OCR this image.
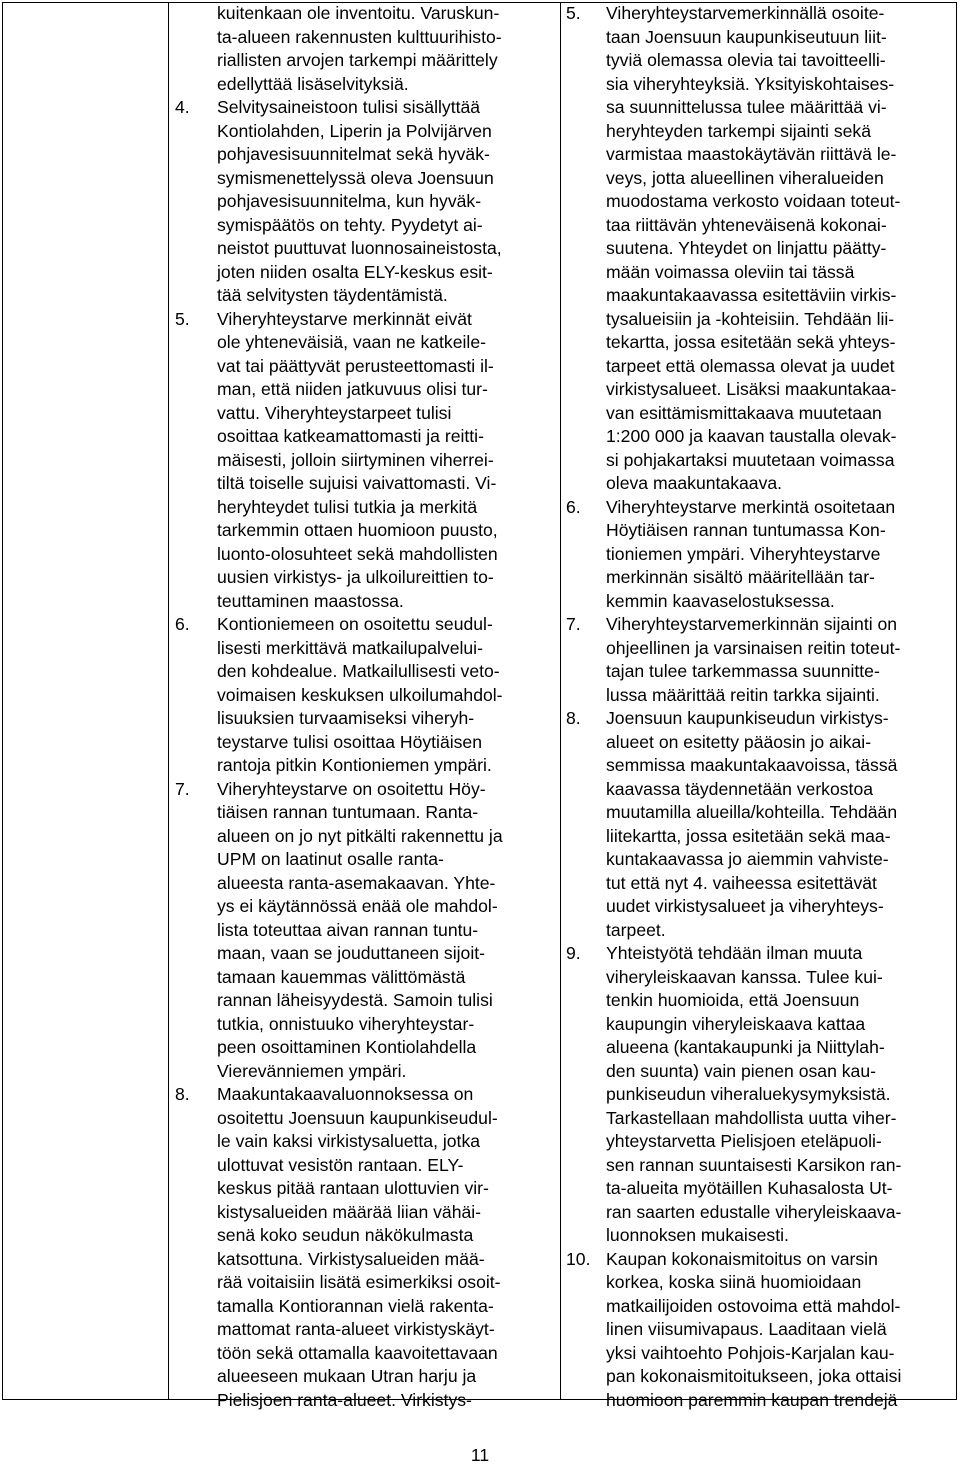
kuitenkaan ole inventoitu. Varuskun-
ta-alueen rakennusten kulttuurihisto-
riallisten arvojen tarkempi määrittely
edellyttää lisäselvityksiä.
4.	Selvitysaineistoon tulisi sisällyttää
Kontiolahden, Liperin ja Polvijärven
pohjavesisuunnitelmat sekä hyväk-
symismenettelyssä oleva Joensuun
pohjavesisuunnitelma, kun hyväk-
symispäätös on tehty. Pyydetyt ai-
neistot puuttuvat luonnosaineistosta,
joten niiden osalta ELY-keskus esit-
tää selvitysten täydentämistä.
5.	Viheryhteystarve merkinnät eivät
ole yhteneväisiä, vaan ne katkeile-
vat tai päättyvät perusteettomasti il-
man, että niiden jatkuvuus olisi tur-
vattu. Viheryhteystarpeet tulisi
osoittaa katkeamattomasti ja reitti-
mäisesti, jolloin siirtyminen viherrei-
tiltä toiselle sujuisi vaivattomasti. Vi-
heryhteydet tulisi tutkia ja merkitä
tarkemmin ottaen huomioon puusto,
luonto-olosuhteet sekä mahdollisten
uusien virkistys- ja ulkoilureittien to-
teuttaminen maastossa.
6.	Kontioniemeen on osoitettu seudul-
lisesti merkittävä matkailupalvelui-
den kohdealue. Matkailullisesti veto-
voimaisen keskuksen ulkoilumahdol-
lisuuksien turvaamiseksi viheryh-
teystarve tulisi osoittaa Höytiäisen
rantoja pitkin Kontioniemen ympäri.
7.	Viheryhteystarve on osoitettu Höy-
tiäisen rannan tuntumaan. Ranta-
alueen on jo nyt pitkälti rakennettu ja
UPM on laatinut osalle ranta-
alueesta ranta-asemakaavan. Yhte-
ys ei käytännössä enää ole mahdol-
lista toteuttaa aivan rannan tuntu-
maan, vaan se jouduttaneen sijoit-
tamaan kauemmas välittömästä
rannan läheisyydestä. Samoin tulisi
tutkia, onnistuuko viheryhteystar-
peen osoittaminen Kontiolahdella
Vierevänniemen ympäri.
8.	Maakuntakaavaluonnoksessa on
osoitettu Joensuun kaupunkiseudul-
le vain kaksi virkistysaluetta, jotka
ulottuvat vesistön rantaan. ELY-
keskus pitää rantaan ulottuvien vir-
kistysalueiden määrää liian vähäi-
senä koko seudun näkökulmasta
katsottuna. Virkistysalueiden mää-
rää voitaisiin lisätä esimerkiksi osoit-
tamalla Kontiorannan vielä rakenta-
mattomat ranta-alueet virkistyskäyt-
töön sekä ottamalla kaavoitettavaan
alueeseen mukaan Utran harju ja
Pielisjoen ranta-alueet. Virkistys-
5.	Viheryhteystarvemerkinnällä osoite-
taan Joensuun kaupunkiseutuun liit-
tyviä olemassa olevia tai tavoitteelli-
sia viheryhteyksiä. Yksityiskohtaises-
sa suunnittelussa tulee määrittää vi-
heryhteyden tarkempi sijainti sekä
varmistaa maastokäytävän riittävä le-
veys, jotta alueellinen viheralueiden
muodostama verkosto voidaan toteut-
taa riittävän yhteneväisenä kokonai-
suutena. Yhteydet on linjattu päätty-
mään voimassa oleviin tai tässä
maakuntakaavassa esitettäviin virkis-
tysalueisiin ja -kohteisiin. Tehdään lii-
tekartta, jossa esitetään sekä yhteys-
tarpeet että olemassa olevat ja uudet
virkistysalueet. Lisäksi maakuntakaa-
van esittämismittakaava muutetaan
1:200 000 ja kaavan taustalla olevak-
si pohjakartaksi muutetaan voimassa
oleva maakuntakaava.
6.	Viheryhteystarve merkintä osoitetaan
Höytiäisen rannan tuntumassa Kon-
tioniemen ympäri. Viheryhteystarve
merkinnän sisältö määritellään tar-
kemmin kaavaselostuksessa.
7.	Viheryhteystarvemerkinnän sijainti on
ohjeellinen ja varsinaisen reitin toteut-
tajan tulee tarkemmassa suunnitte-
lussa määrittää reitin tarkka sijainti.
8.	Joensuun kaupunkiseudun virkistys-
alueet on esitetty pääosin jo aikai-
semmissa maakuntakaavoissa, tässä
kaavassa täydennetään verkostoa
muutamilla alueilla/kohteilla. Tehdään
liitekartta, jossa esitetään sekä maa-
kuntakaavassa jo aiemmin vahviste-
tut että nyt 4. vaiheessa esitettävät
uudet virkistysalueet ja viheryhteys-
tarpeet.
9.	Yhteistyötä tehdään ilman muuta
viheryleiskaavan kanssa. Tulee kui-
tenkin huomioida, että Joensuun
kaupungin viheryleiskaava kattaa
alueena (kantakaupunki ja Niittylah-
den suunta) vain pienen osan kau-
punkiseudun viheraluekysymyksistä.
Tarkastellaan mahdollista uutta viher-
yhteystarvetta Pielisjoen eteläpuoli-
sen rannan suuntaisesti Karsikon ran-
ta-alueita myötäillen Kuhasalosta Ut-
ran saarten edustalle viheryleiskaava-
luonnoksen mukaisesti.
10. Kaupan kokonaismitoitus on varsin
korkea, koska siinä huomioidaan
matkailijoiden ostovoima että mahdol-
linen viisumivapaus. Laaditaan vielä
yksi vaihtoehto Pohjois-Karjalan kau-
pan kokonaismitoitukseen, joka ottaisi
huomioon paremmin kaupan trendejä
11
